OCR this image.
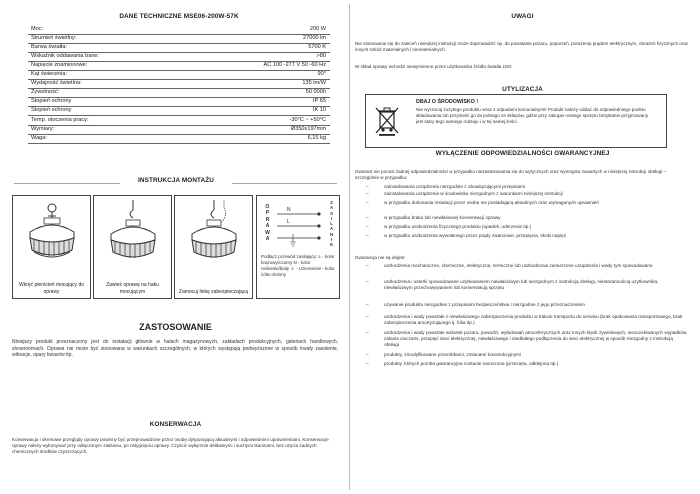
DANE TECHNICZNE MSE06-200W-57K
Moc:	200 W
Strumień świetlny:	27000 lm
Barwa światła:	5700 K
Wskaźnik oddawania barw:	>80
Napięcie znamionowe:	AC 100 -277 V 50 -60 Hz
Kąt świecenia:	90°
Wydajność świetlna:	135 lm/W
Żywotność:	50 000h
Stopień ochrony	IP 65
Stopień ochrony	IK 10
Temp. otoczenia pracy:	-30°C ~ +50°C
Wymiary:	Ø350x197mm
Waga:	6,15 kg
INSTRUKCJA MONTAŻU
Wkręć pierścień mocujący do oprawy
Zawieś oprawę na haku mocującym	Zamocuj linkę zabezpieczającą
O
P
R
A
W
A
Z
A
S
I
L
A
N
I
E
N
L
Podłącz przewód zasilający: L - kolor brązowy/czarny N - kolor niebieski/biały ⏚ - Uziemienie - kolor żółto-zielony
ZASTOSOWANIE
Niniejszy produkt przeznaczony jest do instalacji głównie w halach magazynowych, zakładach produkcyjnych, galeriach handlowych, showroomach. Oprawa nie może być stosowana w warunkach szczególnych, w których występują podwyższone w sposób trwały zasolenie, wibracje, opary kwasów itp.
KONSERWACJA
Konserwacja i okresowe przeglądy oprawy powinny być przeprowadzone przez osobę dysponującą aktualnymi i odpowiednimi uprawnieniami. Konserwacje oprawy należy wykonywać przy odłączonym zasilaniu, po ostygnięciu oprawy. Czyścić wyłącznie delikatnymi i suchymi tkaninami, bez użycia żadnych chemicznych środków czyszczących.
UWAGI
Nie stosowanie się do zaleceń niniejszej instrukcji może doprowadzić np. do powstania pożaru, poparzeń, porażenia prądem elektrycznym, obrażeń fizycznych oraz innych szkód materialnych i niematerialnych.
W skład oprawy wchodzi niewymienne przez użytkownika źródło światła LED
UTYLIZACJA
DBAJ O ŚRODOWISKO !
Nie wyrzucaj zużytego produktu wraz z odpadami komunalnymi! Produkt należy oddać do odpowiedniego punktu składowania lub przynieść go do jednego ze sklepów, gdzie przy zakupie nowego sprzętu bezpłatnie przyjmowany jest stary tego samego rodzaju i w tej samej ilości.
WYŁĄCZENIE ODPOWIEDZIALNOŚCI GWARANCYJNEJ
Gwarant nie ponosi żadnej odpowiedzialności w przypadku niezastosowania się do wytycznych oraz wymogów zawartych w niniejszej instrukcji obsługi – szczególnie w przypadku:
–	zainstalowania urządzenia niezgodnie z obowiązującymi przepisami
–	zainstalowania urządzenia w środowisku niezgodnym z warunkami niniejszej instrukcji
–	w przypadku dokonania instalacji przez osobę nie posiadającą aktualnych oraz wymaganych uprawnień
–	w przypadku braku lub niewłaściwej konserwacji oprawy
–	w przypadku uszkodzenia fizycznego produktu (upadek, uderzenie itp.)
–	w przypadku uszkodzenia wywołanego przez prądy zwarciowe, przepięcia, skoki napięć
Gwarancja nie są objęte:
–	uszkodzenia mechaniczne, chemiczne, elektryczne, termiczne lub uszkodzenia zamierzone urządzenia i wady tym spowodowane
–	uszkodzenia i usterki spowodowane użytkowaniem niewłaściwym lub niezgodnym z instrukcją obsługi, niestarannością użytkownika, niewłaściwym przechowywaniem lub konserwacją sprzętu
–	używanie produktu niezgodnie z przepisami bezpieczeństwa i niezgodnie z jego przeznaczeniem
–	uszkodzenia i wady powstałe z niewłaściwego zabezpieczenia produktu w trakcie transportu do serwisu (brak opakowania transportowego, brak zabezpieczenia amortyzującego tj. folia itp.)
–	uszkodzenia i wady powstałe wskutek pożaru, powodzi, wyładowań atmosferycznych oraz innych klęsk żywiołowych, nieoczekiwanych wypadków, zalania cieczami, przepięć sieci elektrycznej, niewłaściwego i niedbałego podłączenia do sieci elektrycznej w sposób niezgodny z instrukcją obsługi
–	produkty, zmodyfikowane przeróbkami, zmianami konstrukcyjnymi
–	produkty, których pomba gwarancyjna zostanie naruszona (przecięta, odklejona itp.)
